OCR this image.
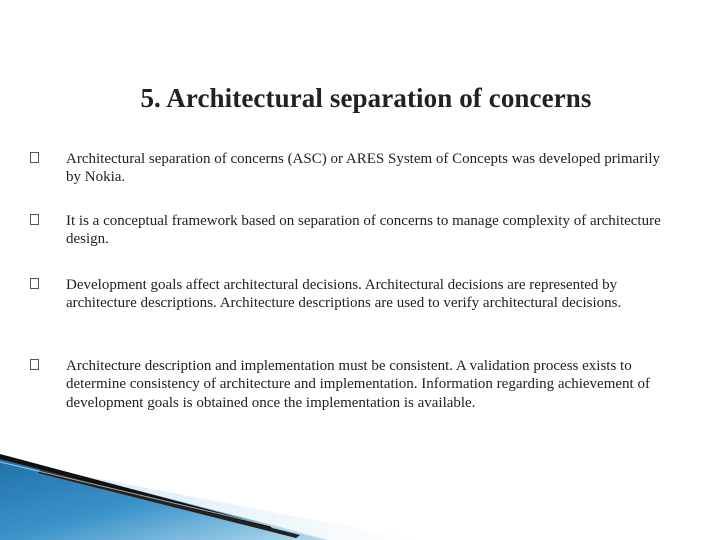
5. Architectural separation of concerns
Architectural separation of concerns (ASC) or ARES System of Concepts was developed primarily by Nokia.
It is a conceptual framework based on separation of concerns to manage complexity of architecture design.
Development goals affect architectural decisions. Architectural decisions are represented by architecture descriptions. Architecture descriptions are used to verify architectural decisions.
Architecture description and implementation must be consistent. A validation process exists to determine consistency of architecture and implementation. Information regarding achievement of development goals is obtained once the implementation is available.
